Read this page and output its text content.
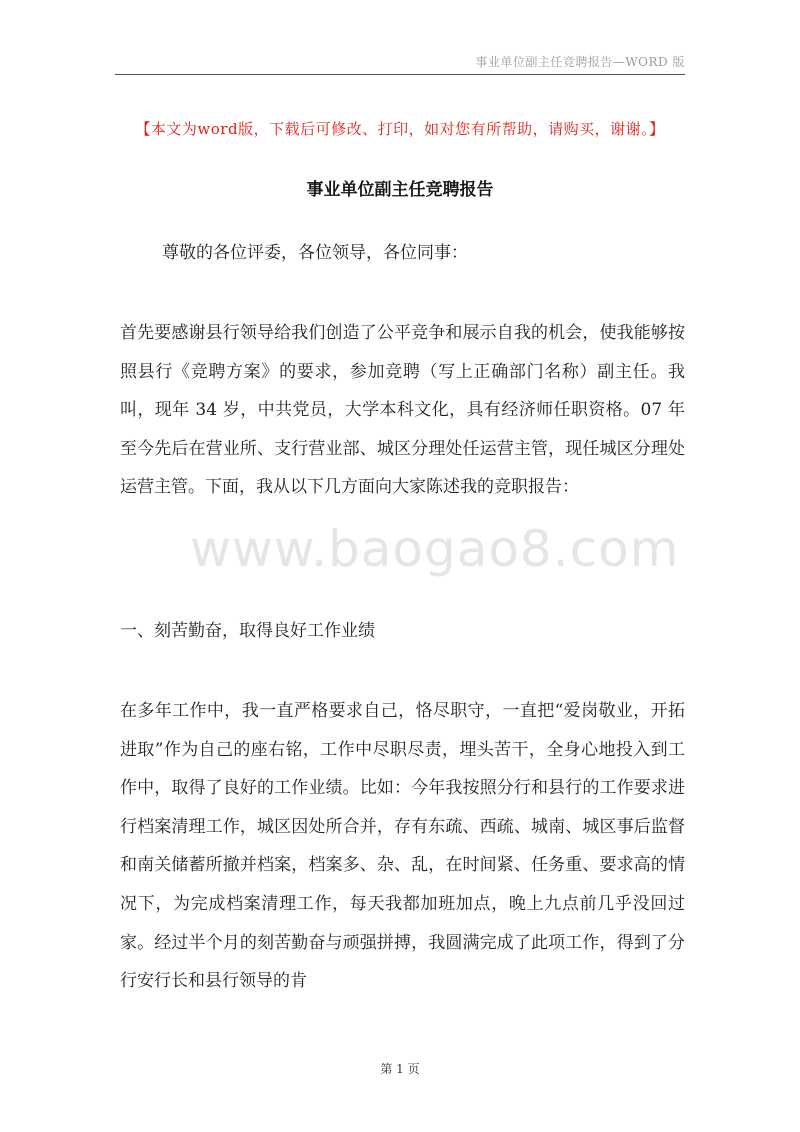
事业单位副主任竞聘报告—WORD 版
【本文为word版，下载后可修改、打印，如对您有所帮助，请购买，谢谢。】
事业单位副主任竞聘报告
尊敬的各位评委，各位领导，各位同事：
首先要感谢县行领导给我们创造了公平竞争和展示自我的机会，使我能够按照县行《竞聘方案》的要求，参加竞聘（写上正确部门名称）副主任。我叫，现年 34 岁，中共党员，大学本科文化，具有经济师任职资格。07 年至今先后在营业所、支行营业部、城区分理处任运营主管，现任城区分理处运营主管。下面，我从以下几方面向大家陈述我的竞职报告：
www.baogao8.com
一、刻苦勤奋，取得良好工作业绩
在多年工作中，我一直严格要求自己，恪尽职守，一直把“爱岗敬业，开拓进取”作为自己的座右铭，工作中尽职尽责，埋头苦干，全身心地投入到工作中，取得了良好的工作业绩。比如：今年我按照分行和县行的工作要求进行档案清理工作，城区因处所合并，存有东疏、西疏、城南、城区事后监督和南关储蓄所撤并档案，档案多、杂、乱，在时间紧、任务重、要求高的情况下，为完成档案清理工作，每天我都加班加点，晚上九点前几乎没回过家。经过半个月的刻苦勤奋与顽强拼搏，我圆满完成了此项工作，得到了分行安行长和县行领导的肯
第 1 页
